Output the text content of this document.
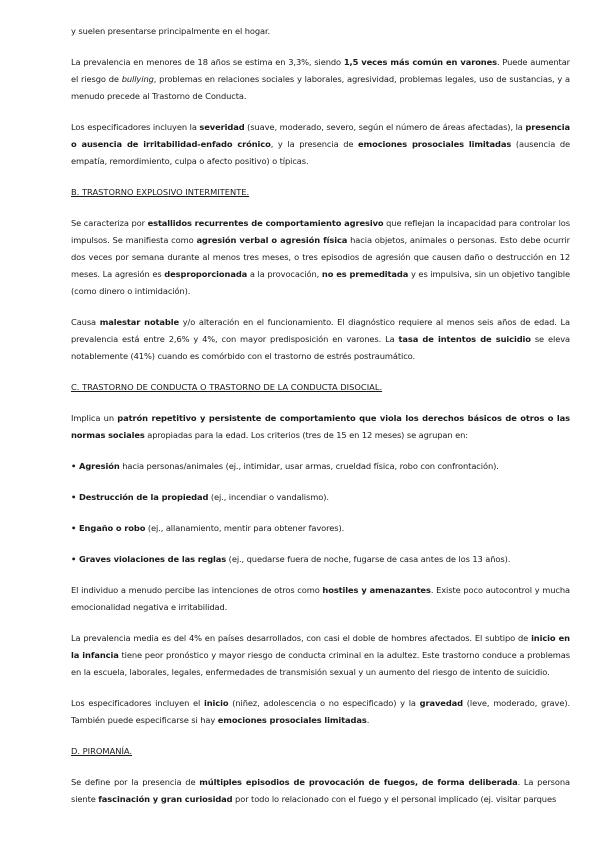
y suelen presentarse principalmente en el hogar.

La prevalencia en menores de 18 años se estima en 3,3%, siendo 1,5 veces más común en varones. Puede aumentar el riesgo de bullying, problemas en relaciones sociales y laborales, agresividad, problemas legales, uso de sustancias, y a menudo precede al Trastorno de Conducta.

Los especificadores incluyen la severidad (suave, moderado, severo, según el número de áreas afectadas), la presencia o ausencia de irritabilidad-enfado crónico, y la presencia de emociones prosociales limitadas (ausencia de empatía, remordimiento, culpa o afecto positivo) o típicas.

B. TRASTORNO EXPLOSIVO INTERMITENTE.

Se caracteriza por estallidos recurrentes de comportamiento agresivo que reflejan la incapacidad para controlar los impulsos. Se manifiesta como agresión verbal o agresión física hacia objetos, animales o personas. Esto debe ocurrir dos veces por semana durante al menos tres meses, o tres episodios de agresión que causen daño o destrucción en 12 meses. La agresión es desproporcionada a la provocación, no es premeditada y es impulsiva, sin un objetivo tangible (como dinero o intimidación).

Causa malestar notable y/o alteración en el funcionamiento. El diagnóstico requiere al menos seis años de edad. La prevalencia está entre 2,6% y 4%, con mayor predisposición en varones. La tasa de intentos de suicidio se eleva notablemente (41%) cuando es comórbido con el trastorno de estrés postraumático.

C. TRASTORNO DE CONDUCTA O TRASTORNO DE LA CONDUCTA DISOCIAL.

Implica un patrón repetitivo y persistente de comportamiento que viola los derechos básicos de otros o las normas sociales apropiadas para la edad. Los criterios (tres de 15 en 12 meses) se agrupan en:

• Agresión hacia personas/animales (ej., intimidar, usar armas, crueldad física, robo con confrontación).

• Destrucción de la propiedad (ej., incendiar o vandalismo).

• Engaño o robo (ej., allanamiento, mentir para obtener favores).

• Graves violaciones de las reglas (ej., quedarse fuera de noche, fugarse de casa antes de los 13 años).

El individuo a menudo percibe las intenciones de otros como hostiles y amenazantes. Existe poco autocontrol y mucha emocionalidad negativa e irritabilidad.

La prevalencia media es del 4% en países desarrollados, con casi el doble de hombres afectados. El subtipo de inicio en la infancia tiene peor pronóstico y mayor riesgo de conducta criminal en la adultez. Este trastorno conduce a problemas en la escuela, laborales, legales, enfermedades de transmisión sexual y un aumento del riesgo de intento de suicidio.

Los especificadores incluyen el inicio (niñez, adolescencia o no especificado) y la gravedad (leve, moderado, grave). También puede especificarse si hay emociones prosociales limitadas.

D. PIROMANÍA.

Se define por la presencia de múltiples episodios de provocación de fuegos, de forma deliberada. La persona siente fascinación y gran curiosidad por todo lo relacionado con el fuego y el personal implicado (ej. visitar parques
